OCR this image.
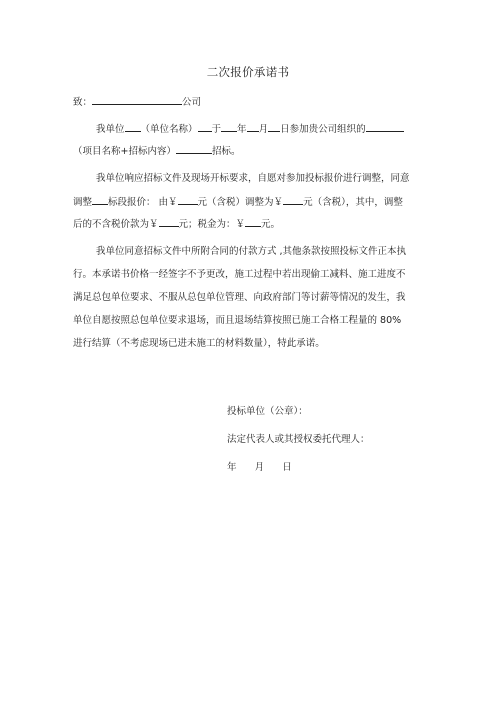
二次报价承诺书
致：	公司
我单位 （单位名称） 于 年 月 日参加贵公司组织的
（项目名称+招标内容）	招标。
我单位响应招标文件及现场开标要求，自愿对参加投标报价进行调整，同意
调整 标段报价： 由￥ 元（含税）调整为￥ 元（含税），其中，调整
后的不含税价款为￥ 元；税金为：￥ 元。
我单位同意招标文件中所附合同的付款方式 ,其他条款按照投标文件正本执
行。本承诺书价格一经签字不予更改，施工过程中若出现偷工减料、施工进度不
满足总包单位要求、不服从总包单位管理、向政府部门等讨薪等情况的发生，我
单位自愿按照总包单位要求退场，而且退场结算按照已施工合格工程量的 80%
进行结算（不考虑现场已进未施工的材料数量），特此承诺。
投标单位（公章）：
法定代表人或其授权委托代理人：
年      月      日
